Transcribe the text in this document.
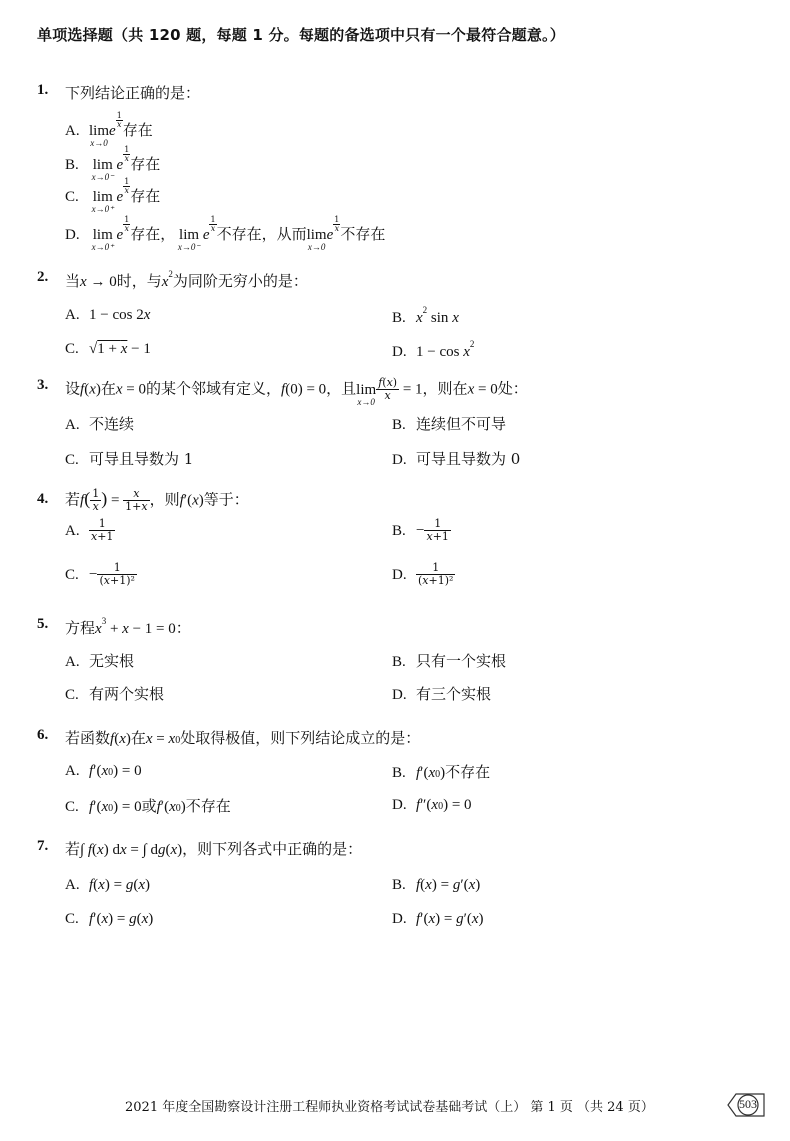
单项选择题（共 120 题，每题 1 分。每题的备选项中只有一个最符合题意。）
1. 下列结论正确的是：
A. lim
x→0
e
$\frac{1}{x}$
存在
B. lim
x→0⁻
e
$\frac{1}{x}$
存在
C. lim
x→0⁺
e
$\frac{1}{x}$
存在
D. lim
x→0⁺
e
$\frac{1}{x}$
存在， lim
x→0⁻
e
$\frac{1}{x}$
不存在，从而lim
x→0
e
$\frac{1}{x}$
不存在
2. 当x → 0时，与$x^2$为同阶无穷小的是：
A. 1 − cos 2x	B. $x^2$ sin x
C. √1 + x − 1	D. $1 - \cos x^2$
3. 设f(x)在x = 0的某个邻域有定义，f(0) = 0，且lim
$x\to 0 \frac{f(x)}{x} = 1$，则在x = 0处：
A. 不连续	B. 连续但不可导
C. 可导且导数为 1	D. 可导且导数为 0
4. 若$f( \frac{1}{x}$ ) = $\frac{x}{1+x}$ ，则f′(x)等于：
A. $\frac{1}{x+1}$	B. − $\frac{1}{x+1}$
C. − $\frac{1}{\text{(x+1)²}}$	D. $\frac{1}{\text{(x+1)²}}$
5. 方程$x^3 + x - 1 = 0$：
A. 无实根	B. 只有一个实根
C. 有两个实根	D. 有三个实根
6. 若函数f(x)在x = x0处取得极值，则下列结论成立的是：
A. f′(x0) = 0	B. f′(x0)不存在
C. f′(x0) = 0或f′(x0)不存在	D. f″(x0) = 0
7. 若∫ f(x) dx = ∫ dg(x)，则下列各式中正确的是：
A. f(x) = g(x)	B. f(x) = g′(x)
C. f′(x) = g(x)	D. f′(x) = g′(x)
2021 年度全国勘察设计注册工程师执业资格考试试卷基础考试（上） 第 1 页 （共 24 页）	503
